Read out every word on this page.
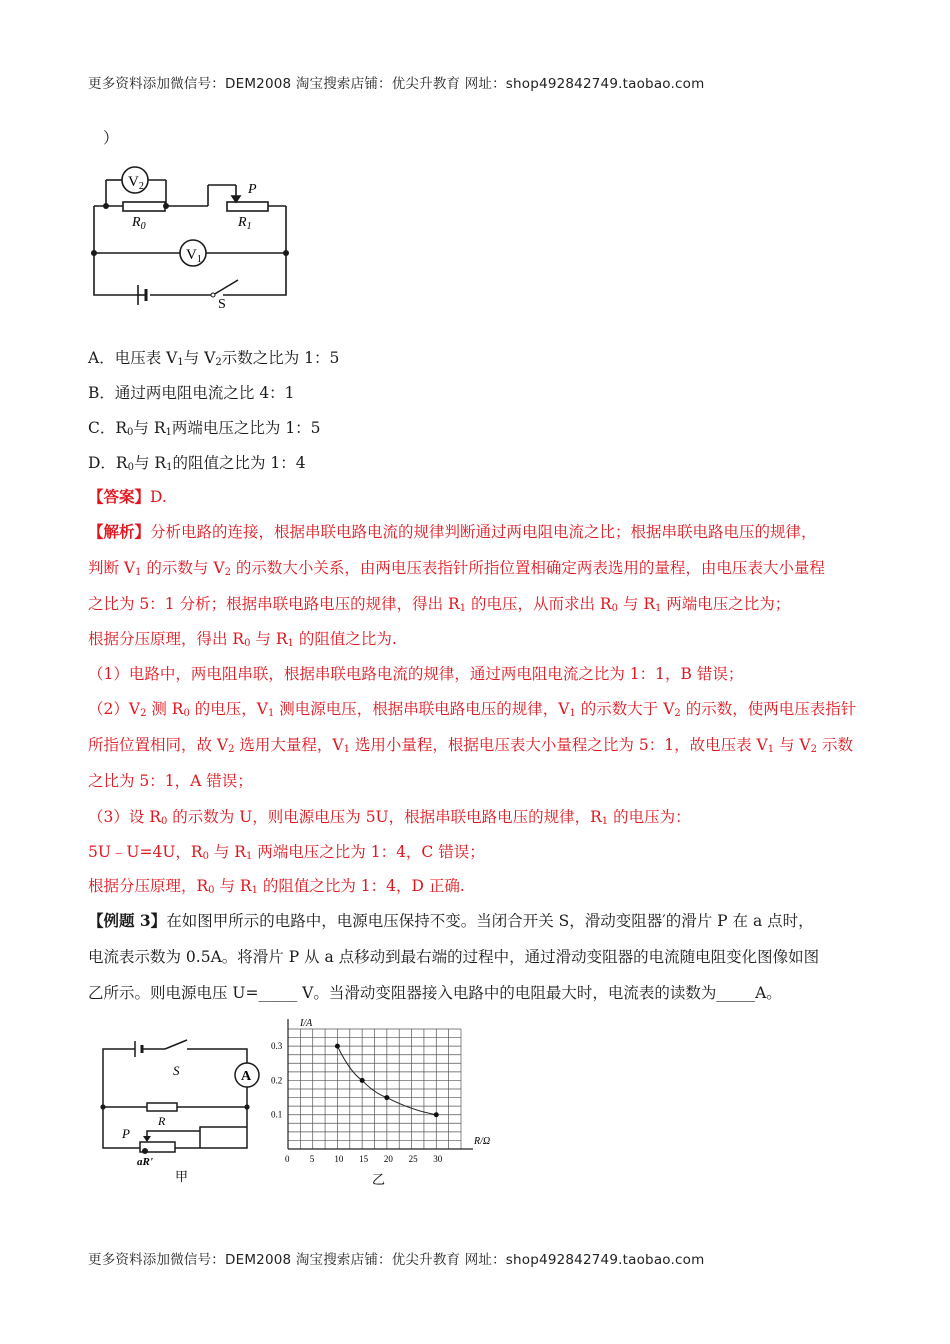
更多资料添加微信号：DEM2008 淘宝搜索店铺：优尖升教育 网址：shop492842749.taobao.com
）
$V_2$
$V_1$
P
$R_0$	$R_1$
S
A．电压表 $V_1$与 $V_2$示数之比为 1：5
B．通过两电阻电流之比 4：1
C．$R_0$与 $R_1$两端电压之比为 1：5
D．$R_0$与 $R_1$的阻值之比为 1：4
【答案】D.
【解析】分析电路的连接，根据串联电路电流的规律判断通过两电阻电流之比；根据串联电路电压的规律，
判断 $V_1$ 的示数与 $V_2$ 的示数大小关系，由两电压表指针所指位置相确定两表选用的量程，由电压表大小量程
之比为 5：1 分析；根据串联电路电压的规律，得出 $R_1$ 的电压，从而求出 $R_0$ 与 $R_1$ 两端电压之比为；
根据分压原理，得出 $R_0$ 与 $R_1$ 的阻值之比为.
（1）电路中，两电阻串联，根据串联电路电流的规律，通过两电阻电流之比为 1：1，B 错误；
$(2)V_2$ 测 $R_0$ 的电压，$V_1$ 测电源电压，根据串联电路电压的规律，$V_1$ 的示数大于 $V_2$ 的示数，使两电压表指针
所指位置相同，故 $V_2$ 选用大量程，$V_1$ 选用小量程，根据电压表大小量程之比为 5：1，故电压表 $V_1$ 与 $V_2$ 示数
之比为 5：1，A 错误；
（3）设 $R_0$ 的示数为 U，则电源电压为 5U，根据串联电路电压的规律，$R_1$ 的电压为：
5U﹣U=4U，$R_0$ 与 $R_1$ 两端电压之比为 1：4，C 错误；
根据分压原理，$R_0$ 与 $R_1$ 的阻值之比为 1：4，D 正确.
【例题 3】在如图甲所示的电路中，电源电压保持不变。当闭合开关 S，滑动变阻器′的滑片 P 在 a 点时，
电流表示数为 0.5A。将滑片 P 从 a 点移动到最右端的过程中，通过滑动变阻器的电流随电阻变化图像如图
乙所示。则电源电压 U=_____ V。当滑动变阻器接入电路中的电阻最大时，电流表的读数为_____A。
S	A
R
P
aR'
甲
0 5 10 15 20 25 30
0.1
0.2
0.3
I/A
R/Ω
乙
更多资料添加微信号：DEM2008 淘宝搜索店铺：优尖升教育 网址：shop492842749.taobao.com
